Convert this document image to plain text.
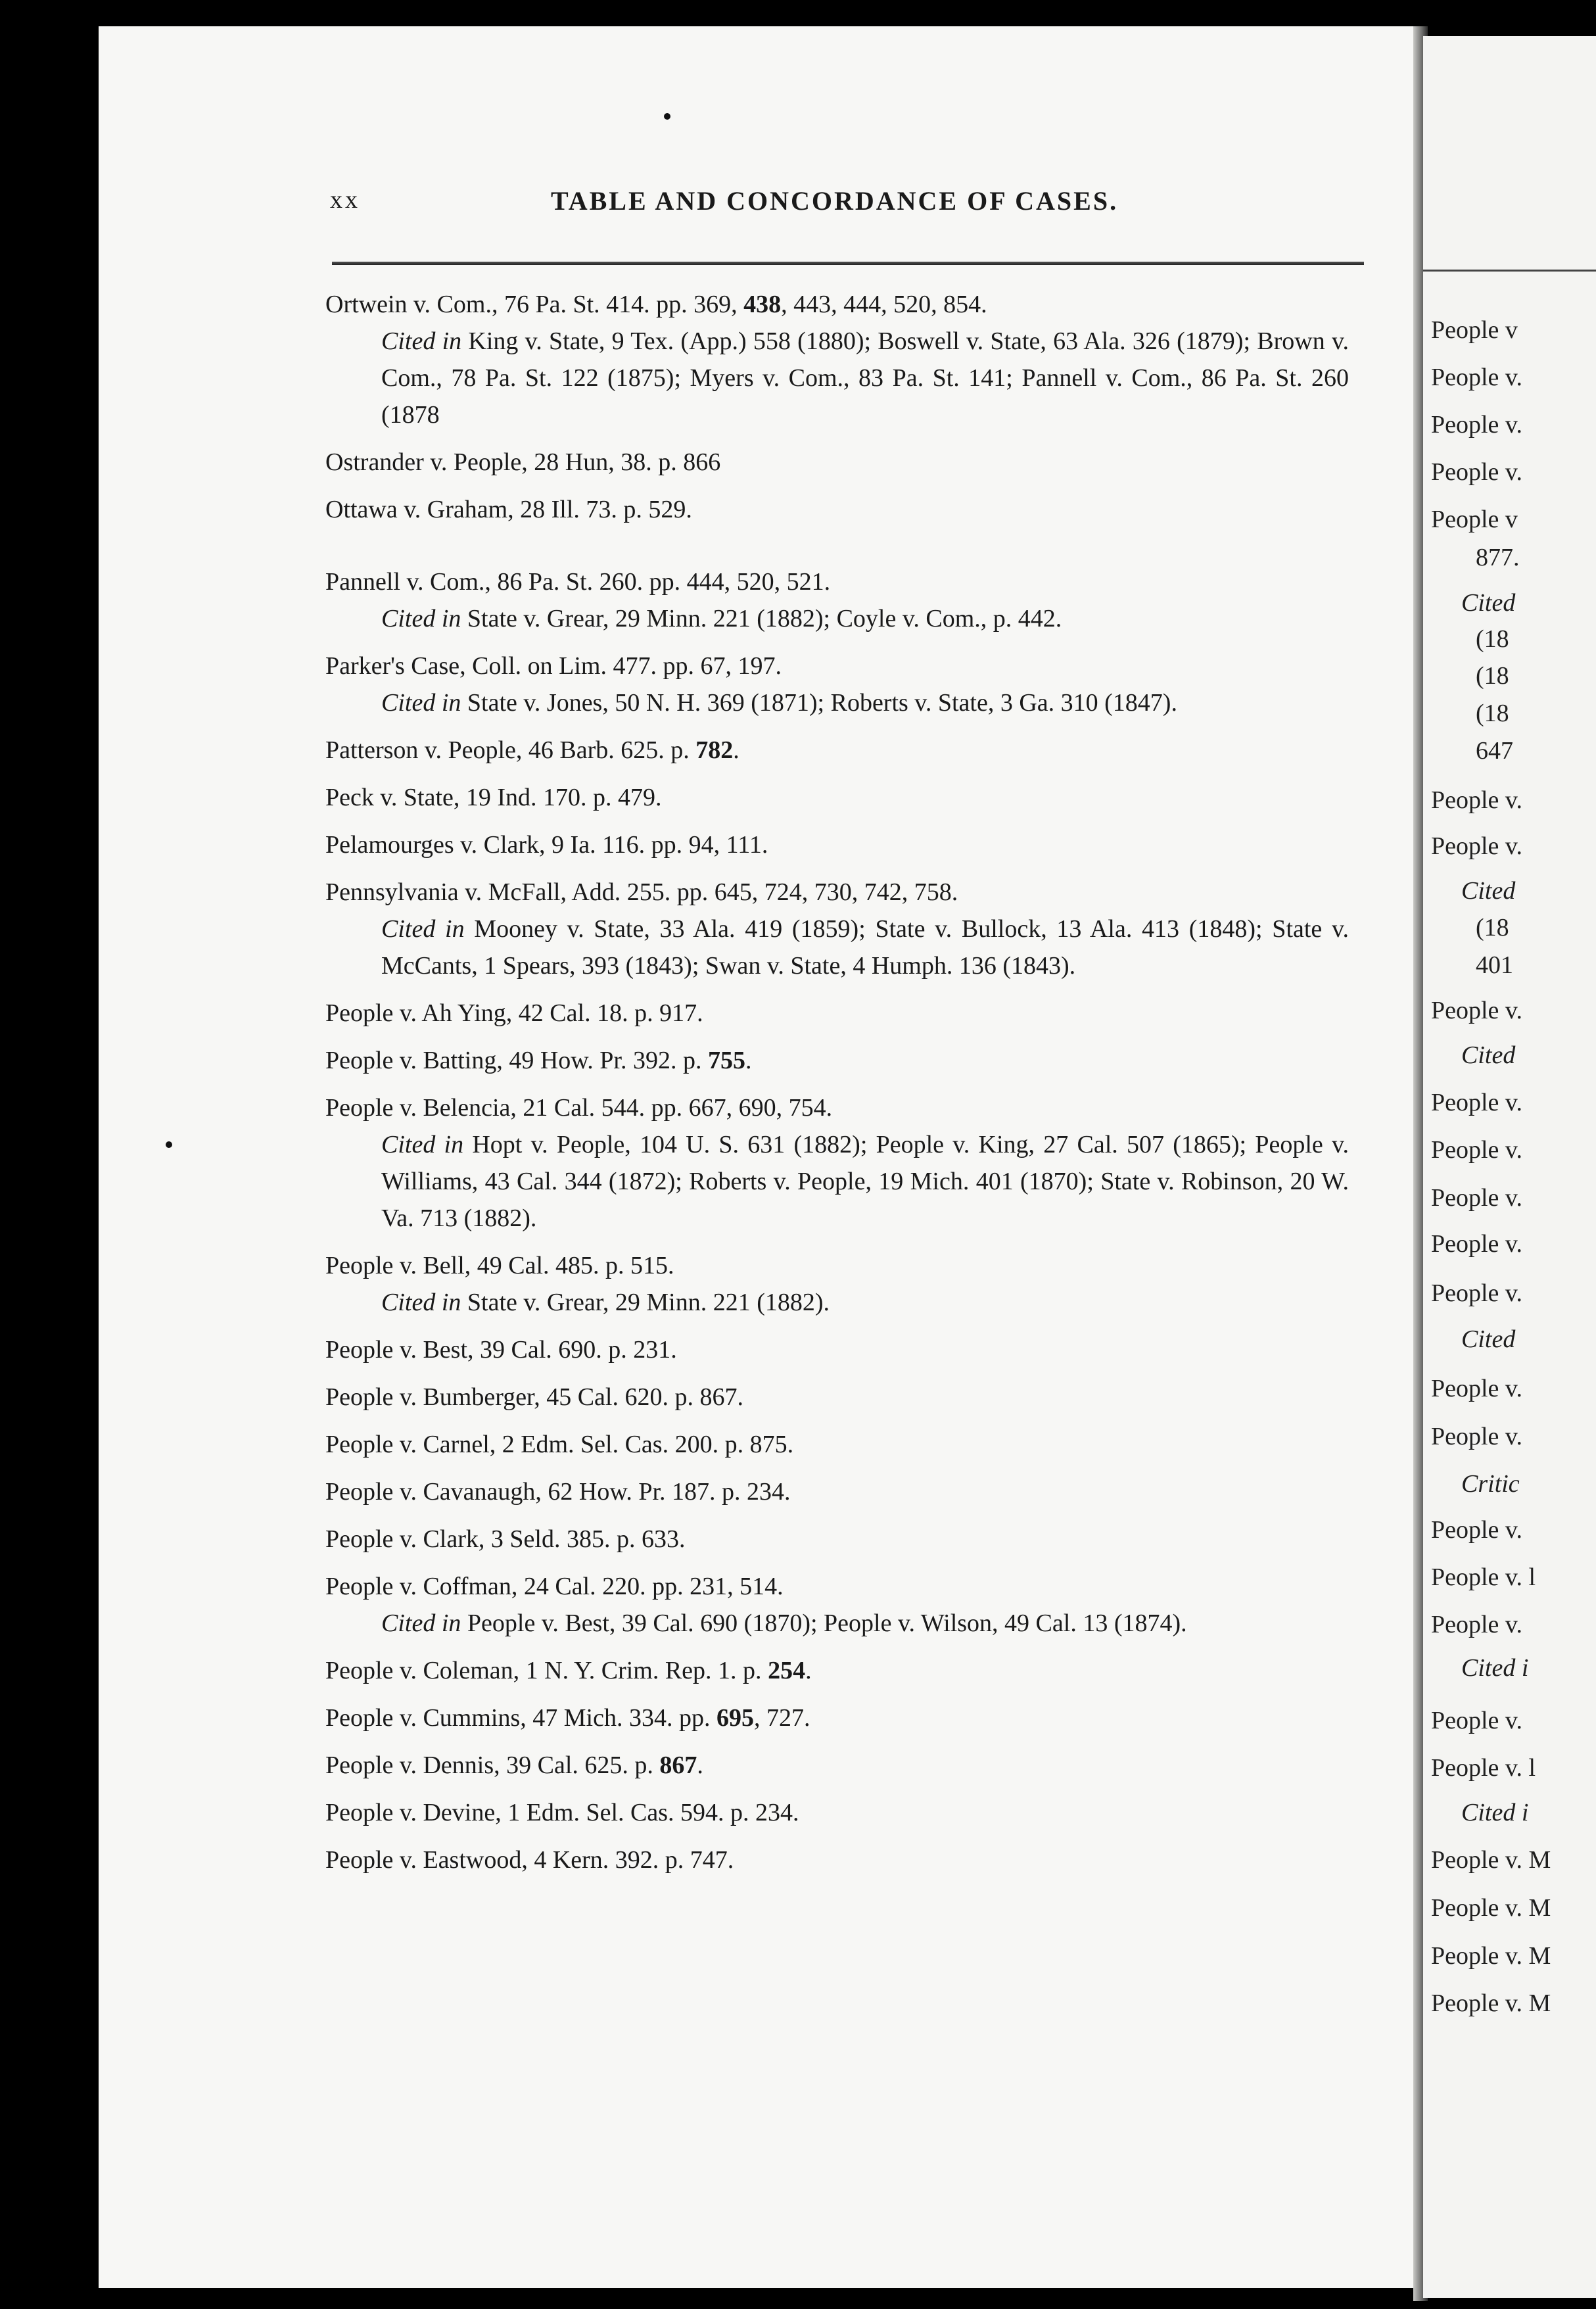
xx	TABLE AND CONCORDANCE OF CASES.
Ortwein v. Com., 76 Pa. St. 414. pp. 369, 438, 443, 444, 520, 854.
Cited in King v. State, 9 Tex. (App.) 558 (1880); Boswell v. State, 63 Ala. 326 (1879); Brown v. Com., 78 Pa. St. 122 (1875); Myers v. Com., 83 Pa. St. 141; Pannell v. Com., 86 Pa. St. 260 (1878
Ostrander v. People, 28 Hun, 38. p. 866
Ottawa v. Graham, 28 Ill. 73. p. 529.
Pannell v. Com., 86 Pa. St. 260. pp. 444, 520, 521.
Cited in State v. Grear, 29 Minn. 221 (1882); Coyle v. Com., p. 442.
Parker's Case, Coll. on Lim. 477. pp. 67, 197.
Cited in State v. Jones, 50 N. H. 369 (1871); Roberts v. State, 3 Ga. 310 (1847).
Patterson v. People, 46 Barb. 625. p. 782.
Peck v. State, 19 Ind. 170. p. 479.
Pelamourges v. Clark, 9 Ia. 116. pp. 94, 111.
Pennsylvania v. McFall, Add. 255. pp. 645, 724, 730, 742, 758.
Cited in Mooney v. State, 33 Ala. 419 (1859); State v. Bullock, 13 Ala. 413 (1848); State v. McCants, 1 Spears, 393 (1843); Swan v. State, 4 Humph. 136 (1843).
People v. Ah Ying, 42 Cal. 18. p. 917.
People v. Batting, 49 How. Pr. 392. p. 755.
People v. Belencia, 21 Cal. 544. pp. 667, 690, 754.
Cited in Hopt v. People, 104 U. S. 631 (1882); People v. King, 27 Cal. 507 (1865); People v. Williams, 43 Cal. 344 (1872); Roberts v. People, 19 Mich. 401 (1870); State v. Robinson, 20 W. Va. 713 (1882).
People v. Bell, 49 Cal. 485. p. 515.
Cited in State v. Grear, 29 Minn. 221 (1882).
People v. Best, 39 Cal. 690. p. 231.
People v. Bumberger, 45 Cal. 620. p. 867.
People v. Carnel, 2 Edm. Sel. Cas. 200. p. 875.
People v. Cavanaugh, 62 How. Pr. 187. p. 234.
People v. Clark, 3 Seld. 385. p. 633.
People v. Coffman, 24 Cal. 220. pp. 231, 514.
Cited in People v. Best, 39 Cal. 690 (1870); People v. Wilson, 49 Cal. 13 (1874).
People v. Coleman, 1 N. Y. Crim. Rep. 1. p. 254.
People v. Cummins, 47 Mich. 334. pp. 695, 727.
People v. Dennis, 39 Cal. 625. p. 867.
People v. Devine, 1 Edm. Sel. Cas. 594. p. 234.
People v. Eastwood, 4 Kern. 392. p. 747.
People v
People v.
People v.
People v.
People v
877.
Cited
(18
(18
(18
647
People v.
People v.
Cited
(18
401
People v.
Cited
People v.
People v.
People v.
People v.
People v.
Cited
People v.
People v.
Critic
People v.
People v. l
People v.
Cited i
People v.
People v. l
Cited i
People v. M
People v. M
People v. M
People v. M
